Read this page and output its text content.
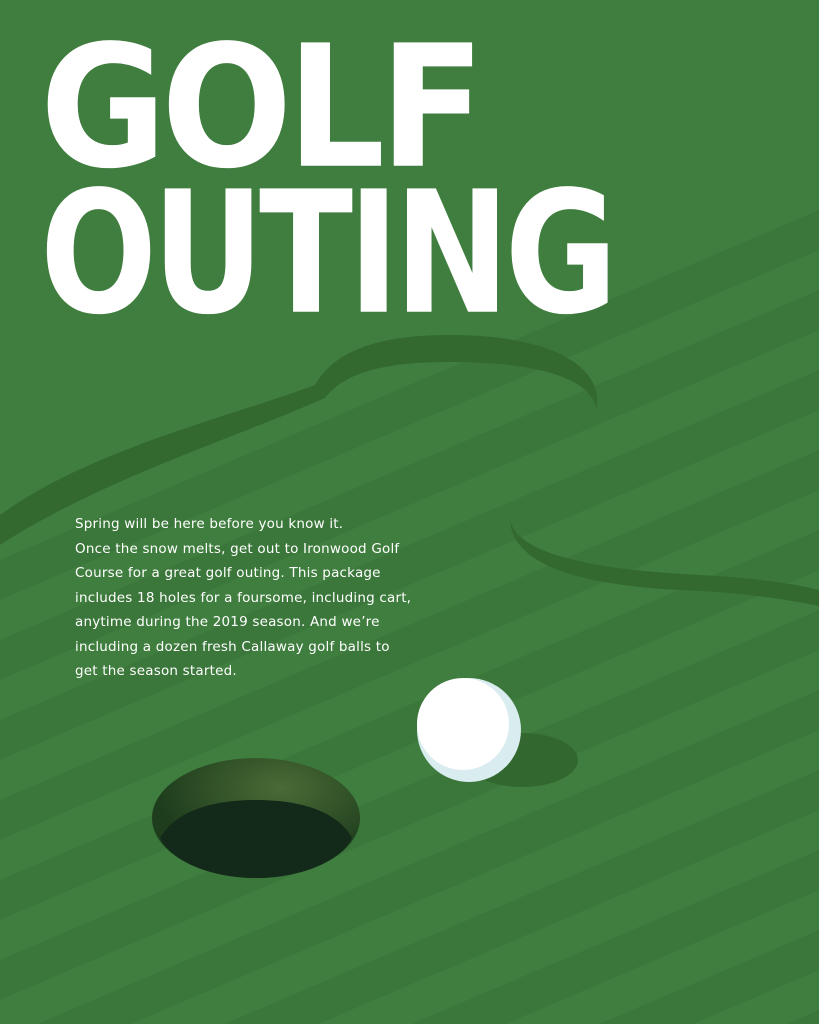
GOLF
OUTING

Spring will be here before you know it.
Once the snow melts, get out to Ironwood Golf
Course for a great golf outing. This package
includes 18 holes for a foursome, including cart,
anytime during the 2019 season. And we’re
including a dozen fresh Callaway golf balls to
get the season started.
